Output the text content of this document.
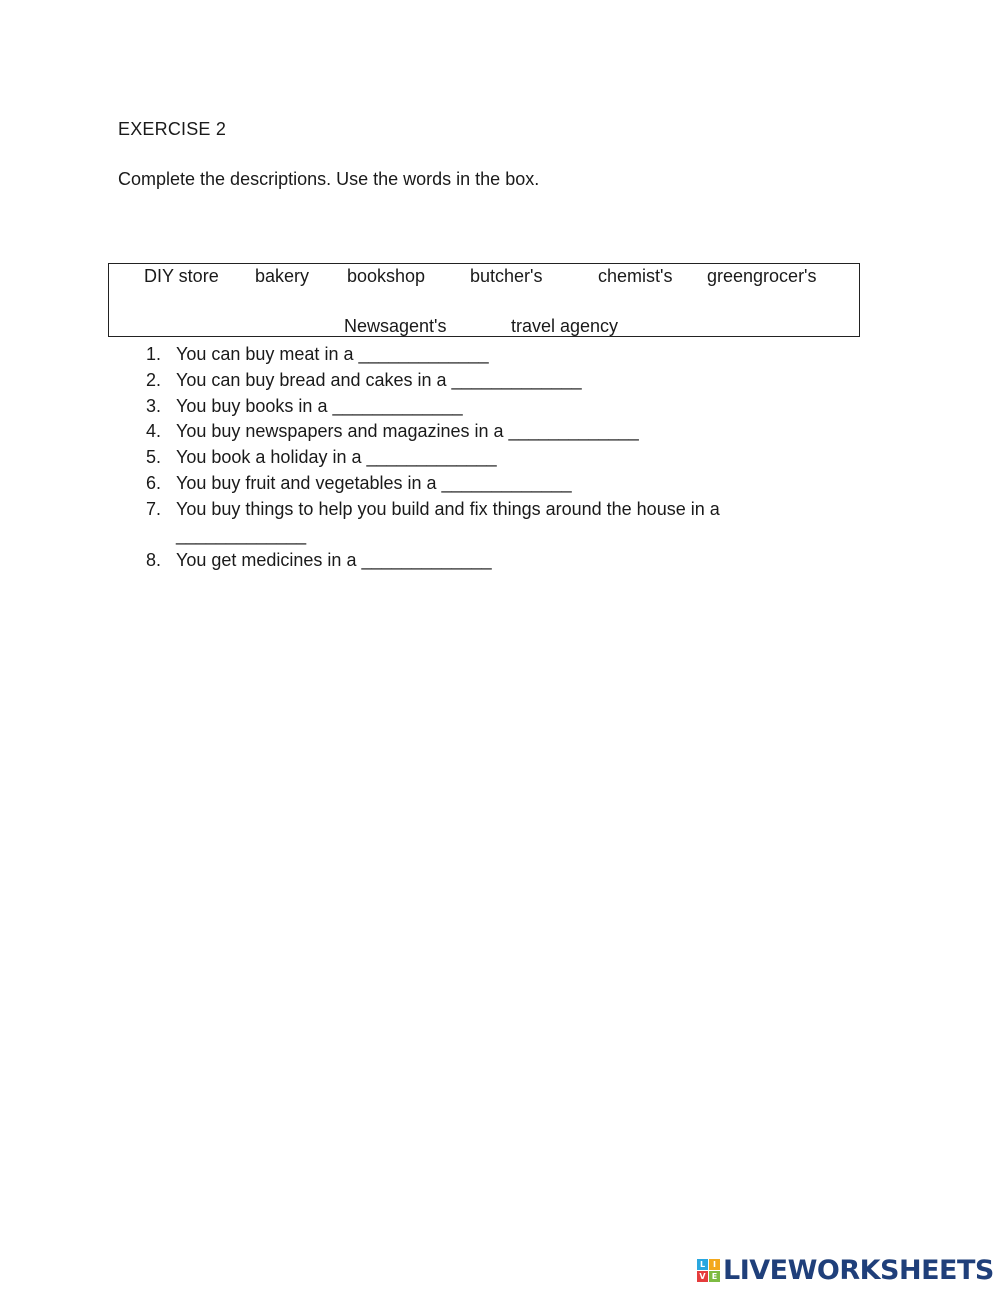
EXERCISE 2
Complete the descriptions. Use the words in the box.
DIY store bakery bookshop butcher's	chemist's greengrocer's
Newsagent's	travel agency
1. You can buy meat in a _____________
2. You can buy bread and cakes in a _____________
3. You buy books in a _____________
4. You buy newspapers and magazines in a _____________
5. You book a holiday in a _____________
6. You buy fruit and vegetables in a _____________
7. You buy things to help you build and fix things around the house in a
_____________
8. You get medicines in a _____________
L I
V E LIVEWORKSHEETS
